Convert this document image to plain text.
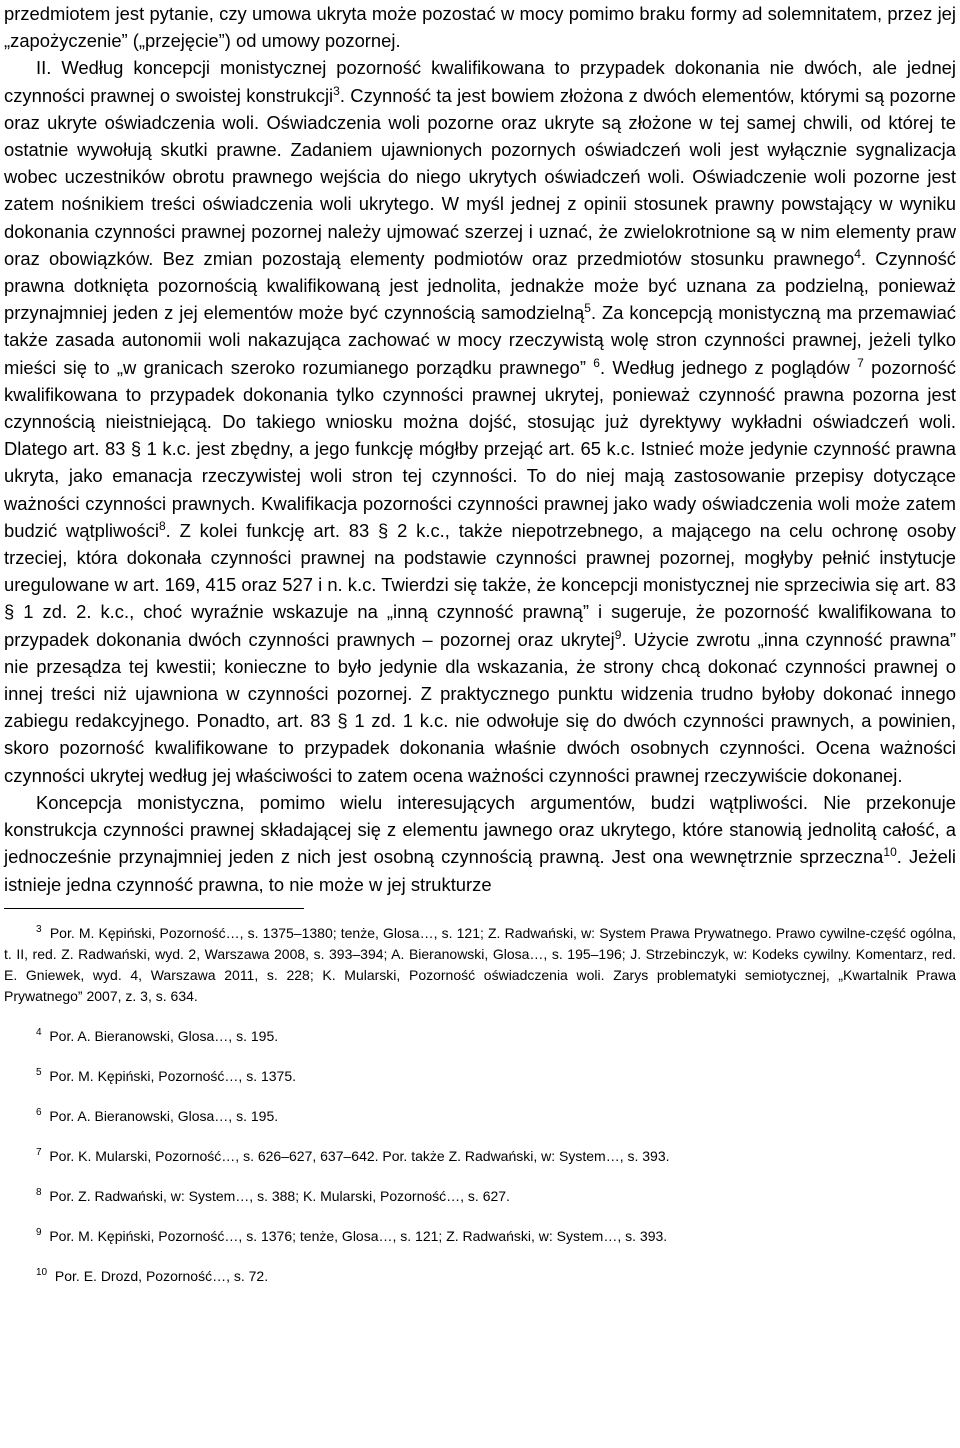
przedmiotem jest pytanie, czy umowa ukryta może pozostać w mocy pomimo braku formy ad solemnitatem, przez jej „zapożyczenie” („przejęcie”) od umowy pozornej.

II. Według koncepcji monistycznej pozorność kwalifikowana to przypadek dokonania nie dwóch, ale jednej czynności prawnej o swoistej konstrukcji$^3$. Czynność ta jest bowiem złożona z dwóch elementów, którymi są pozorne oraz ukryte oświadczenia woli. Oświadczenia woli pozorne oraz ukryte są złożone w tej samej chwili, od której te ostatnie wywołują skutki prawne. Zadaniem ujawnionych pozornych oświadczeń woli jest wyłącznie sygnalizacja wobec uczestników obrotu prawnego wejścia do niego ukrytych oświadczeń woli. Oświadczenie woli pozorne jest zatem nośnikiem treści oświadczenia woli ukrytego. W myśl jednej z opinii stosunek prawny powstający w wyniku dokonania czynności prawnej pozornej należy ujmować szerzej i uznać, że zwielokrotnione są w nim elementy praw oraz obowiązków. Bez zmian pozostają elementy podmiotów oraz przedmiotów stosunku prawnego$^4$. Czynność prawna dotknięta pozornością kwalifikowaną jest jednolita, jednakże może być uznana za podzielną, ponieważ przynajmniej jeden z jej elementów może być czynnością samodzielną$^5$. Za koncepcją monistyczną ma przemawiać także zasada autonomii woli nakazująca zachować w mocy rzeczywistą wolę stron czynności prawnej, jeżeli tylko mieści się to „w granicach szeroko rozumianego porządku prawnego” $^6$. Według jednego z poglądów $^7$ pozorność kwalifikowana to przypadek dokonania tylko czynności prawnej ukrytej, ponieważ czynność prawna pozorna jest czynnością nieistniejącą. Do takiego wniosku można dojść, stosując już dyrektywy wykładni oświadczeń woli. Dlatego art. 83 § 1 k.c. jest zbędny, a jego funkcję mógłby przejąć art. 65 k.c. Istnieć może jedynie czynność prawna ukryta, jako emanacja rzeczywistej woli stron tej czynności. To do niej mają zastosowanie przepisy dotyczące ważności czynności prawnych. Kwalifikacja pozorności czynności prawnej jako wady oświadczenia woli może zatem budzić wątpliwości$^8$. Z kolei funkcję art. 83 § 2 k.c., także niepotrzebnego, a mającego na celu ochronę osoby trzeciej, która dokonała czynności prawnej na podstawie czynności prawnej pozornej, mogłyby pełnić instytucje uregulowane w art. 169, 415 oraz 527 i n. k.c. Twierdzi się także, że koncepcji monistycznej nie sprzeciwia się art. 83 § 1 zd. 2. k.c., choć wyraźnie wskazuje na „inną czynność prawną” i sugeruje, że pozorność kwalifikowana to przypadek dokonania dwóch czynności prawnych – pozornej oraz ukrytej$^9$. Użycie zwrotu „inna czynność prawna” nie przesądza tej kwestii; konieczne to było jedynie dla wskazania, że strony chcą dokonać czynności prawnej o innej treści niż ujawniona w czynności pozornej. Z praktycznego punktu widzenia trudno byłoby dokonać innego zabiegu redakcyjnego. Ponadto, art. 83 § 1 zd. 1 k.c. nie odwołuje się do dwóch czynności prawnych, a powinien, skoro pozorność kwalifikowane to przypadek dokonania właśnie dwóch osobnych czynności. Ocena ważności czynności ukrytej według jej właściwości to zatem ocena ważności czynności prawnej rzeczywiście dokonanej.

Koncepcja monistyczna, pomimo wielu interesujących argumentów, budzi wątpliwości. Nie przekonuje konstrukcja czynności prawnej składającej się z elementu jawnego oraz ukrytego, które stanowią jednolitą całość, a jednocześnie przynajmniej jeden z nich jest osobną czynnością prawną. Jest ona wewnętrznie sprzeczna$^{10}$. Jeżeli istnieje jedna czynność prawna, to nie może w jej strukturze

$^3$ Por. M. Kępiński, Pozorność…, s. 1375–1380; tenże, Glosa…, s. 121; Z. Radwański, w: System Prawa Prywatnego. Prawo cywilne-część ogólna, t. II, red. Z. Radwański, wyd. 2, Warszawa 2008, s. 393–394; A. Bieranowski, Glosa…, s. 195–196; J. Strzebinczyk, w: Kodeks cywilny. Komentarz, red. E. Gniewek, wyd. 4, Warszawa 2011, s. 228; K. Mularski, Pozorność oświadczenia woli. Zarys problematyki semiotycznej, „Kwartalnik Prawa Prywatnego” 2007, z. 3, s. 634.

$^4$ Por. A. Bieranowski, Glosa…, s. 195.

$^5$ Por. M. Kępiński, Pozorność…, s. 1375.

$^6$ Por. A. Bieranowski, Glosa…, s. 195.

$^7$ Por. K. Mularski, Pozorność…, s. 626–627, 637–642. Por. także Z. Radwański, w: System…, s. 393.

$^8$ Por. Z. Radwański, w: System…, s. 388; K. Mularski, Pozorność…, s. 627.

$^9$ Por. M. Kępiński, Pozorność…, s. 1376; tenże, Glosa…, s. 121; Z. Radwański, w: System…, s. 393.

$^{10}$ Por. E. Drozd, Pozorność…, s. 72.
